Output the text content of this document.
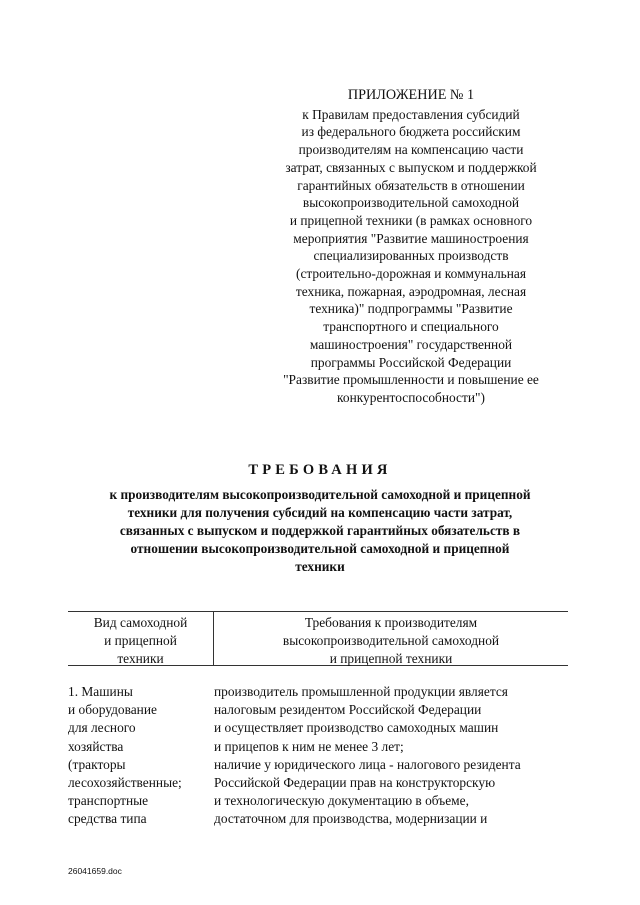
ПРИЛОЖЕНИЕ № 1
к Правилам предоставления субсидий
из федерального бюджета российским
производителям на компенсацию части
затрат, связанных с выпуском и поддержкой
гарантийных обязательств в отношении
высокопроизводительной самоходной
и прицепной техники (в рамках основного
мероприятия "Развитие машиностроения
специализированных производств
(строительно-дорожная и коммунальная
техника, пожарная, аэродромная, лесная
техника)" подпрограммы "Развитие
транспортного и специального
машиностроения" государственной
программы Российской Федерации
"Развитие промышленности и повышение ее
конкурентоспособности")
ТРЕБОВАНИЯ
к производителям высокопроизводительной самоходной и прицепной
техники для получения субсидий на компенсацию части затрат,
связанных с выпуском и поддержкой гарантийных обязательств в
отношении высокопроизводительной самоходной и прицепной
техники
Вид самоходной
и прицепной
техники
Требования к производителям
высокопроизводительной самоходной
и прицепной техники
1. Машины
и оборудование
для лесного
хозяйства
(тракторы
лесохозяйственные;
транспортные
средства типа
производитель промышленной продукции является
налоговым резидентом Российской Федерации
и осуществляет производство самоходных машин
и прицепов к ним не менее 3 лет;
наличие у юридического лица - налогового резидента
Российской Федерации прав на конструкторскую
и технологическую документацию в объеме,
достаточном для производства, модернизации и
26041659.doc
